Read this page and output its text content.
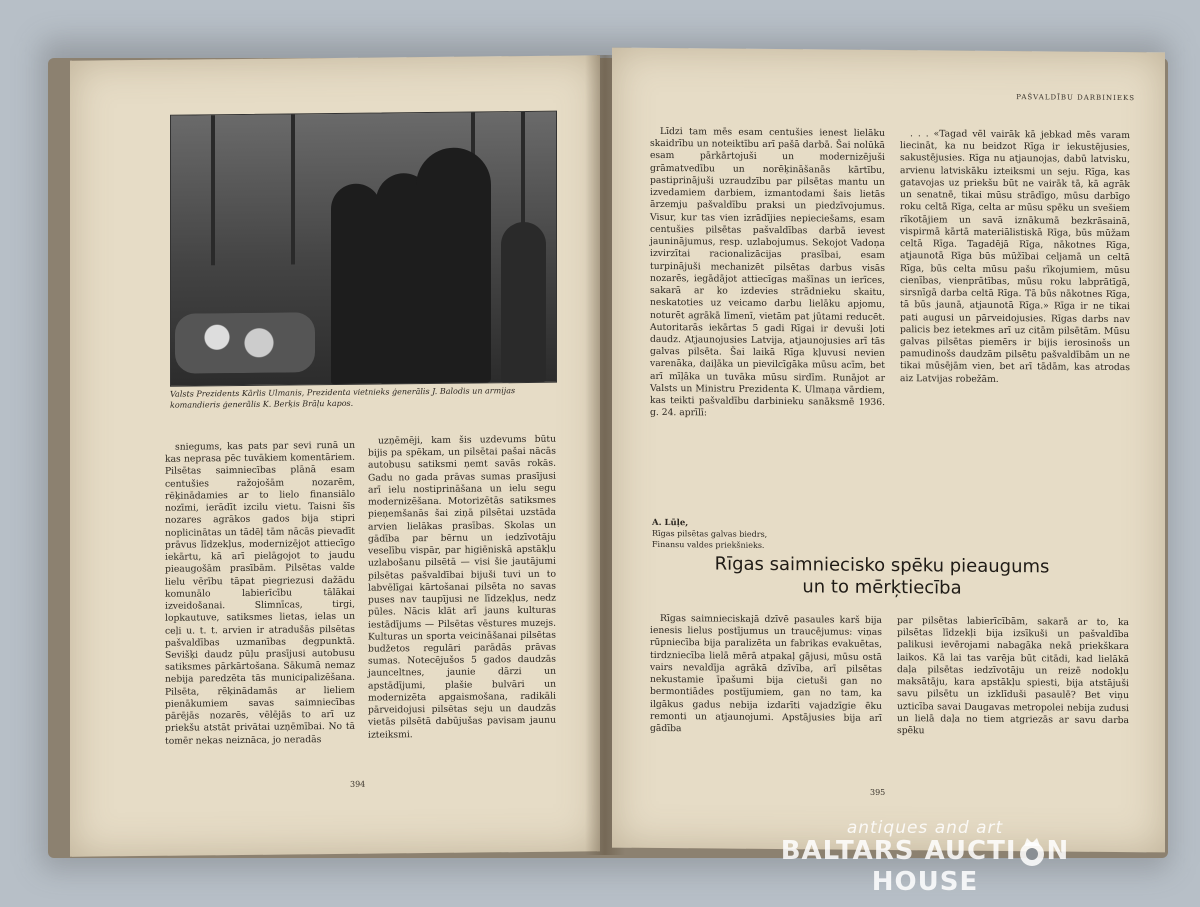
Valsts Prezidents Kārlis Ulmanis, Prezidenta vietnieks ģenerālis J. Balodis un armijas komandieris ģenerālis K. Berķis Brāļu kapos.

sniegums, kas pats par sevi runā un kas neprasa pēc tuvākiem komentāriem. Pilsētas saimniecības plānā esam centušies ražojošām nozarēm, rēķinādamies ar to lielo finansiālo nozīmi, ierādīt izcilu vietu. Taisni šīs nozares agrākos gados bija stipri noplicinātas un tādēļ tām nācās pievadīt prāvus līdzekļus, modernizējot attiecīgo iekārtu, kā arī pielāgojot to jaudu pieaugošām prasībām. Pilsētas valde lielu vērību tāpat piegriezusi dažādu komunālo labierīcību tālākai izveidošanai. Slimnīcas, tirgi, lopkautuve, satiksmes lietas, ielas un ceļi u. t. t. arvien ir atradušās pilsētas pašvaldības uzmanības degpunktā. Sevišķi daudz pūļu prasījusi autobusu satiksmes pārkārtošana. Sākumā nemaz nebija paredzēta tās municipalizēšana. Pilsēta, rēķinādamās ar lieliem pienākumiem savas saimniecības pārējās nozarēs, vēlējās to arī uz priekšu atstāt privātai uzņēmībai. No tā tomēr nekas neiznāca, jo neradās

uzņēmēji, kam šis uzdevums būtu bijis pa spēkam, un pilsētai pašai nācās autobusu satiksmi ņemt savās rokās. Gadu no gada prāvas sumas prasījusi arī ielu nostiprināšana un ielu segu modernizēšana. Motorizētās satiksmes pieņemšanās šai ziņā pilsētai uzstāda arvien lielākas prasības. Skolas un gādība par bērnu un iedzīvotāju veselību vispār, par higiēniskā apstākļu uzlabošanu pilsētā — visi šie jautājumi pilsētas pašvaldībai bijuši tuvi un to labvēlīgai kārtošanai pilsēta no savas puses nav taupījusi ne līdzekļus, nedz pūles. Nācis klāt arī jauns kulturas iestādījums — Pilsētas vēstures muzejs. Kulturas un sporta veicināšanai pilsētas budžetos regulāri parādās prāvas sumas. Notecējušos 5 gados daudzās jaunceltnes, jaunie dārzi un apstādījumi, plašie bulvāri un modernizēta apgaismošana, radikāli pārveidojusi pilsētas seju un daudzās vietās pilsētā dabūjušas pavisam jaunu izteiksmi.

394
PAŠVALDĪBU DARBINIEKS

Līdzi tam mēs esam centušies ienest lielāku skaidrību un noteiktību arī pašā darbā. Šai nolūkā esam pārkārtojuši un modernizējuši grāmatvedību un norēķināšanās kārtību, pastiprinājuši uzraudzību par pilsētas mantu un izvedamiem darbiem, izmantodami šais lietās ārzemju pašvaldību praksi un piedzīvojumus. Visur, kur tas vien izrādījies nepieciešams, esam centušies pilsētas pašvaldības darbā ievest jauninājumus, resp. uzlabojumus. Sekojot Vadoņa izvirzītai racionalizācijas prasībai, esam turpinājuši mechanizēt pilsētas darbus visās nozarēs, iegādājot attiecīgas mašīnas un ierīces, sakarā ar ko izdevies strādnieku skaitu, neskatoties uz veicamo darbu lielāku apjomu, noturēt agrākā līmenī, vietām pat jūtami reducēt. Autoritarās iekārtas 5 gadi Rīgai ir devuši ļoti daudz. Atjaunojusies Latvija, atjaunojusies arī tās galvas pilsēta. Šai laikā Rīga kļuvusi nevien varenāka, daiļāka un pievilcīgāka mūsu acīm, bet arī mīļāka un tuvāka mūsu sirdīm. Runājot ar Valsts un Ministru Prezidenta K. Ulmaņa vārdiem, kas teikti pašvaldību darbinieku sanāksmē 1936. g. 24. aprīlī:

. . . «Tagad vēl vairāk kā jebkad mēs varam liecināt, ka nu beidzot Rīga ir iekustējusies, sakustējusies. Rīga nu atjaunojas, dabū latvisku, arvienu latviskāku izteiksmi un seju. Rīga, kas gatavojas uz priekšu būt ne vairāk tā, kā agrāk un senatnē, tikai mūsu strādīgo, mūsu darbīgo roku celtā Rīga, celta ar mūsu spēku un svešiem rīkotājiem un savā iznākumā bezkrāsainā, vispirmā kārtā materiālistiskā Rīga, būs mūžam celtā Rīga. Tagadējā Rīga, nākotnes Rīga, atjaunotā Rīga būs mūžībai celjamā un celtā Rīga, būs celta mūsu pašu rīkojumiem, mūsu cienības, vienprātības, mūsu roku labprātīgā, sirsnīgā darba celtā Rīga. Tā būs nākotnes Rīga, tā būs jaunā, atjaunotā Rīga.» Rīga ir ne tikai pati augusi un pārveidojusies. Rīgas darbs nav palicis bez ietekmes arī uz citām pilsētām. Mūsu galvas pilsētas piemērs ir bijis ierosinošs un pamudinošs daudzām pilsētu pašvaldībām un ne tikai mūsējām vien, bet arī tādām, kas atrodas aiz Latvijas robežām.

A. Lūļe,
Rīgas pilsētas galvas biedrs,
Finansu valdes priekšnieks.
Rīgas saimniecisko spēku pieaugums
un to mērķtiecība

Rīgas saimnieciskajā dzīvē pasaules karš bija ienesis lielus postījumus un traucējumus: viņas rūpniecība bija paralizēta un fabrikas evakuētas, tirdzniecība lielā mērā atpakaļ gājusi, mūsu ostā vairs nevaldīja agrākā dzīvība, arī pilsētas nekustamie īpašumi bija cietuši gan no bermontiādes postījumiem, gan no tam, ka ilgākus gadus nebija izdarīti vajadzīgie ēku remonti un atjaunojumi. Apstājusies bija arī gādība

par pilsētas labierīcībām, sakarā ar to, ka pilsētas līdzekļi bija izsīkuši un pašvaldība palikusi ievērojami nabagāka nekā priekškara laikos. Kā lai tas varēja būt citādi, kad lielākā daļa pilsētas iedzīvotāju un reizē nodokļu maksātāju, kara apstākļu spiesti, bija atstājuši savu pilsētu un izklīduši pasaulē? Bet viņu uzticība savai Daugavas metropolei nebija zudusi un lielā daļa no tiem atgriezās ar savu darba spēku

395
antiques and art
BALTARS AUCTI N HOUSE
